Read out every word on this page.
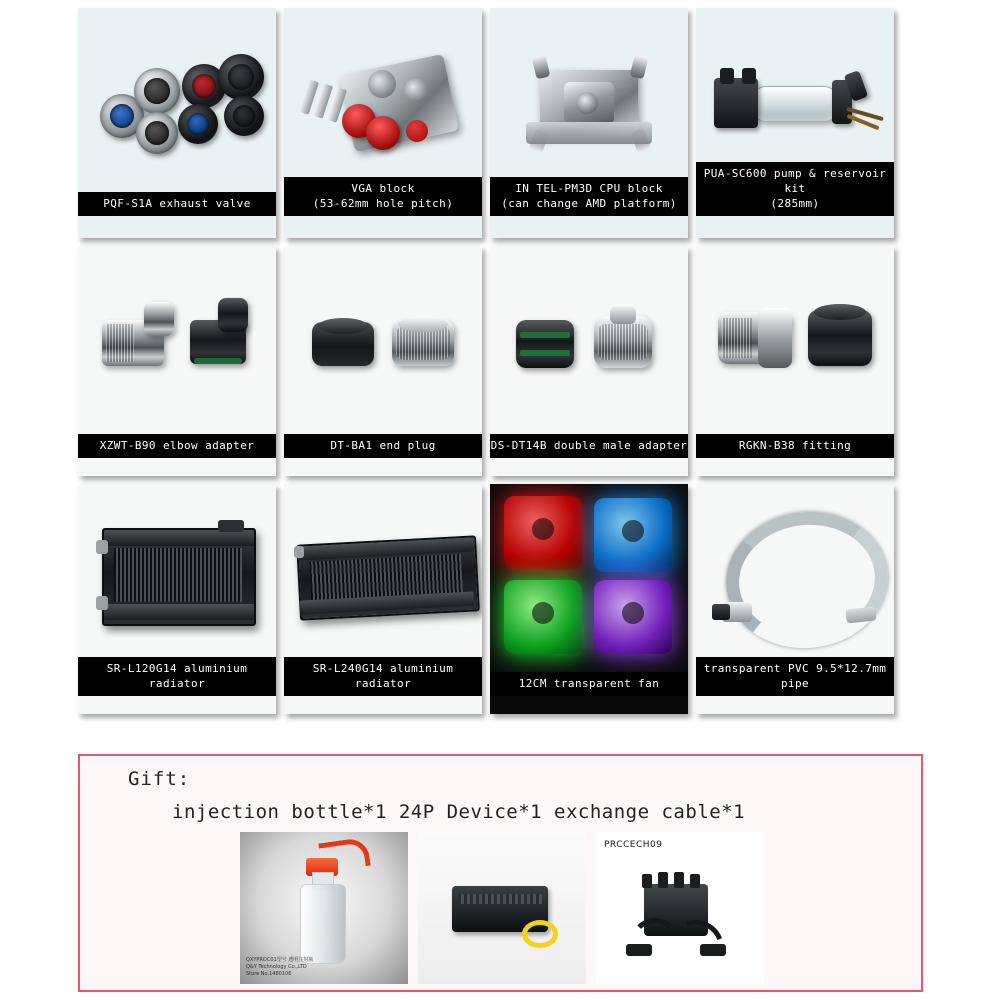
PQF-S1A exhaust valve
VGA block
(53-62mm hole pitch)
IN TEL-PM3D CPU block
(can change AMD platform)
PUA-SC600 pump & reservoir kit
(285mm)
XZWT-B90 elbow adapter	DT-BA1 end plug	DS-DT14B double male adapter	RGKN-B38 fitting
SR-L120G14 aluminium radiator
SR-L240G14 aluminium radiator	12CM transparent fan
transparent PVC 9.5*12.7mm pipe
Gift:
injection bottle*1 24P Device*1 exchange cable*1
QXYPROC01型号 透明注射瓶
Q&Y Technology Co.,LTD
Store No.1480106
PRCCECH09
